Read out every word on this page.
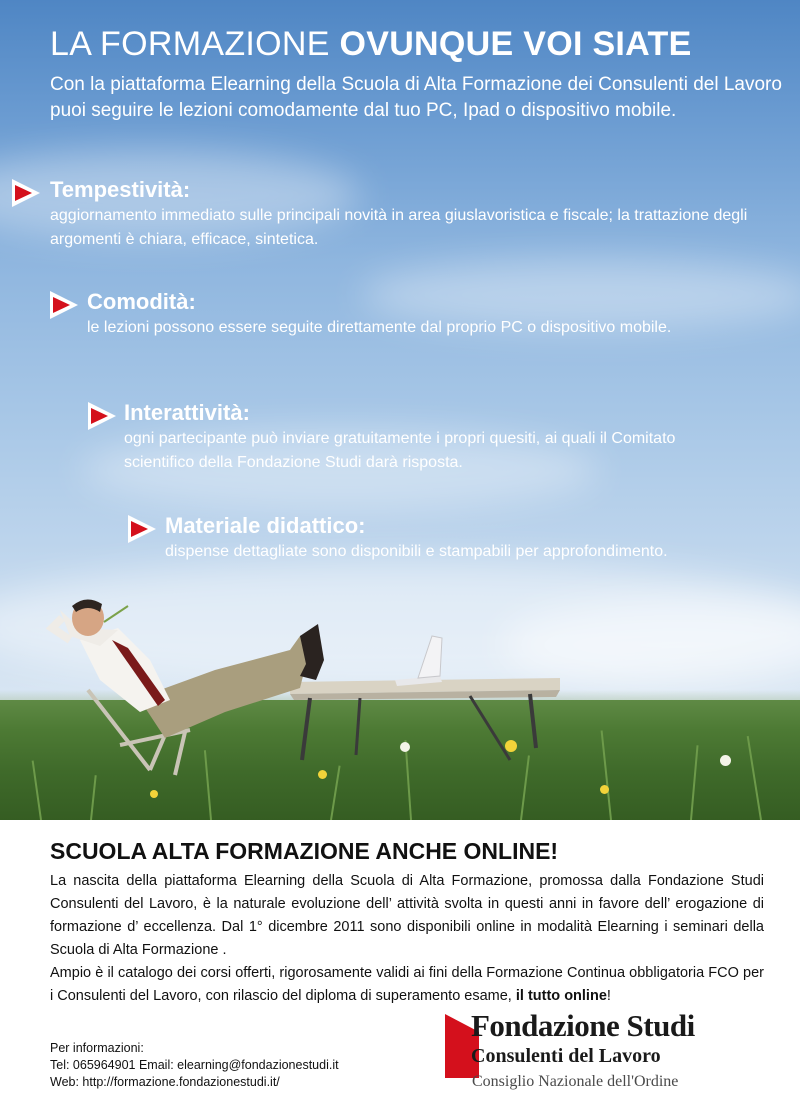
LA FORMAZIONE OVUNQUE VOI SIATE

Con la piattaforma Elearning della Scuola di Alta Formazione dei Consulenti del Lavoro puoi seguire le lezioni comodamente dal tuo PC, Ipad o dispositivo mobile.

Tempestività:

aggiornamento immediato sulle principali novità in area giuslavoristica e fiscale; la trattazione degli argomenti è chiara, efficace, sintetica.

Comodità:

le lezioni possono essere seguite direttamente dal proprio PC o dispositivo mobile.

Interattività:

ogni partecipante può inviare gratuitamente i propri quesiti, ai quali il Comitato scientifico della Fondazione Studi darà risposta.

Materiale didattico:

dispense dettagliate sono disponibili e stampabili per approfondimento.

SCUOLA ALTA FORMAZIONE ANCHE ONLINE!

La nascita della piattaforma Elearning della Scuola di Alta Formazione, promossa dalla Fondazione Studi Consulenti del Lavoro, è la naturale evoluzione dell’ attività svolta in questi anni in favore dell’ erogazione di formazione d’ eccellenza. Dal 1° dicembre 2011 sono disponibili online in modalità Elearning i seminari della Scuola di Alta Formazione .

Ampio è il catalogo dei corsi offerti, rigorosamente validi ai fini della Formazione Continua obbligatoria FCO per i Consulenti del Lavoro, con rilascio del diploma di superamento esame, il tutto online!

Per informazioni:
Tel: 065964901 Email: elearning@fondazionestudi.it
Web: http://formazione.fondazionestudi.it/
Fondazione Studi
Consulenti del Lavoro
Consiglio Nazionale dell'Ordine
